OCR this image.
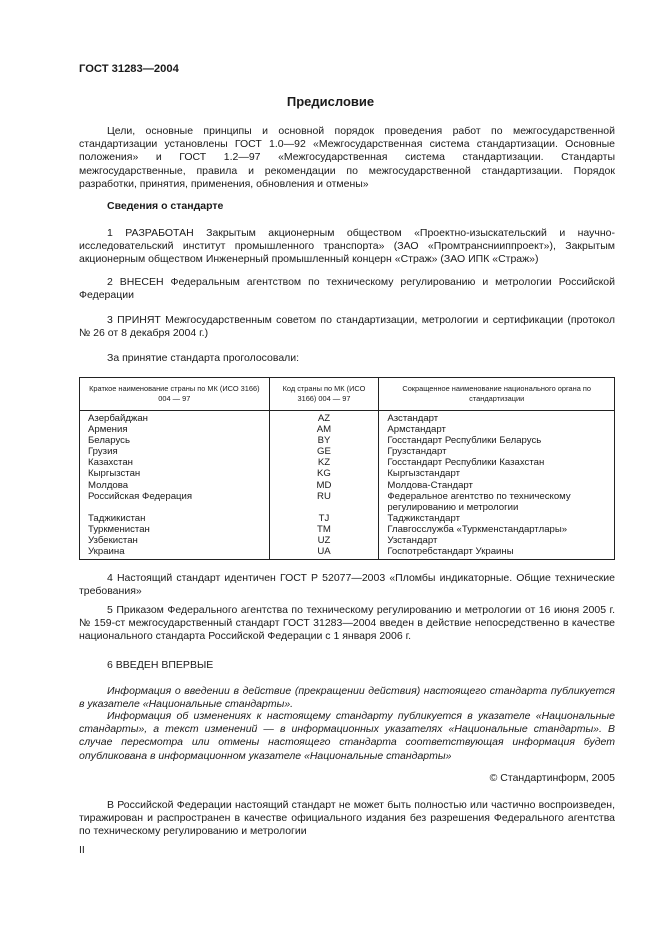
ГОСТ 31283—2004
Предисловие

Цели, основные принципы и основной порядок проведения работ по межгосударственной стандартизации установлены ГОСТ 1.0—92 «Межгосударственная система стандартизации. Основные положения» и ГОСТ 1.2—97 «Межгосударственная система стандартизации. Стандарты межгосударственные, правила и рекомендации по межгосударственной стандартизации. Порядок разработки, принятия, применения, обновления и отмены»

Сведения о стандарте

1 РАЗРАБОТАН Закрытым акционерным обществом «Проектно-изыскательский и научно-исследовательский институт промышленного транспорта» (ЗАО «Промтранснииппроект»), Закрытым акционерным обществом Инженерный промышленный концерн «Страж» (ЗАО ИПК «Страж»)

2 ВНЕСЕН Федеральным агентством по техническому регулированию и метрологии Российской Федерации

3 ПРИНЯТ Межгосударственным советом по стандартизации, метрологии и сертификации (протокол № 26 от 8 декабря 2004 г.)

За принятие стандарта проголосовали:

Краткое наименование страны по МК (ИСО 3166) 004 — 97	Код страны по МК (ИСО 3166) 004 — 97	Сокращенное наименование национального органа по стандартизации
Азербайджан	AZ	Азстандарт
Армения	AM	Армстандарт
Беларусь	BY	Госстандарт Республики Беларусь
Грузия	GE	Грузстандарт
Казахстан	KZ	Госстандарт Республики Казахстан
Кыргызстан	KG	Кыргызстандарт
Молдова	MD	Молдова-Стандарт
Российская Федерация	RU	Федеральное агентство по техническому регулированию и метрологии
Таджикистан	TJ	Таджикстандарт
Туркменистан	TM	Главгосслужба «Туркменстандартлары»
Узбекистан	UZ	Узстандарт
Украина	UA	Госпотребстандарт Украины

4 Настоящий стандарт идентичен ГОСТ Р 52077—2003 «Пломбы индикаторные. Общие технические требования»

5 Приказом Федерального агентства по техническому регулированию и метрологии от 16 июня 2005 г. № 159-ст межгосударственный стандарт ГОСТ 31283—2004 введен в действие непосредственно в качестве национального стандарта Российской Федерации с 1 января 2006 г.

6 ВВЕДЕН ВПЕРВЫЕ

Информация о введении в действие (прекращении действия) настоящего стандарта публикуется в указателе «Национальные стандарты».

Информация об изменениях к настоящему стандарту публикуется в указателе «Национальные стандарты», а текст изменений — в информационных указателях «Национальные стандарты». В случае пересмотра или отмены настоящего стандарта соответствующая информация будет опубликована в информационном указателе «Национальные стандарты»

© Стандартинформ, 2005

В Российской Федерации настоящий стандарт не может быть полностью или частично воспроизведен, тиражирован и распространен в качестве официального издания без разрешения Федерального агентства по техническому регулированию и метрологии

II
